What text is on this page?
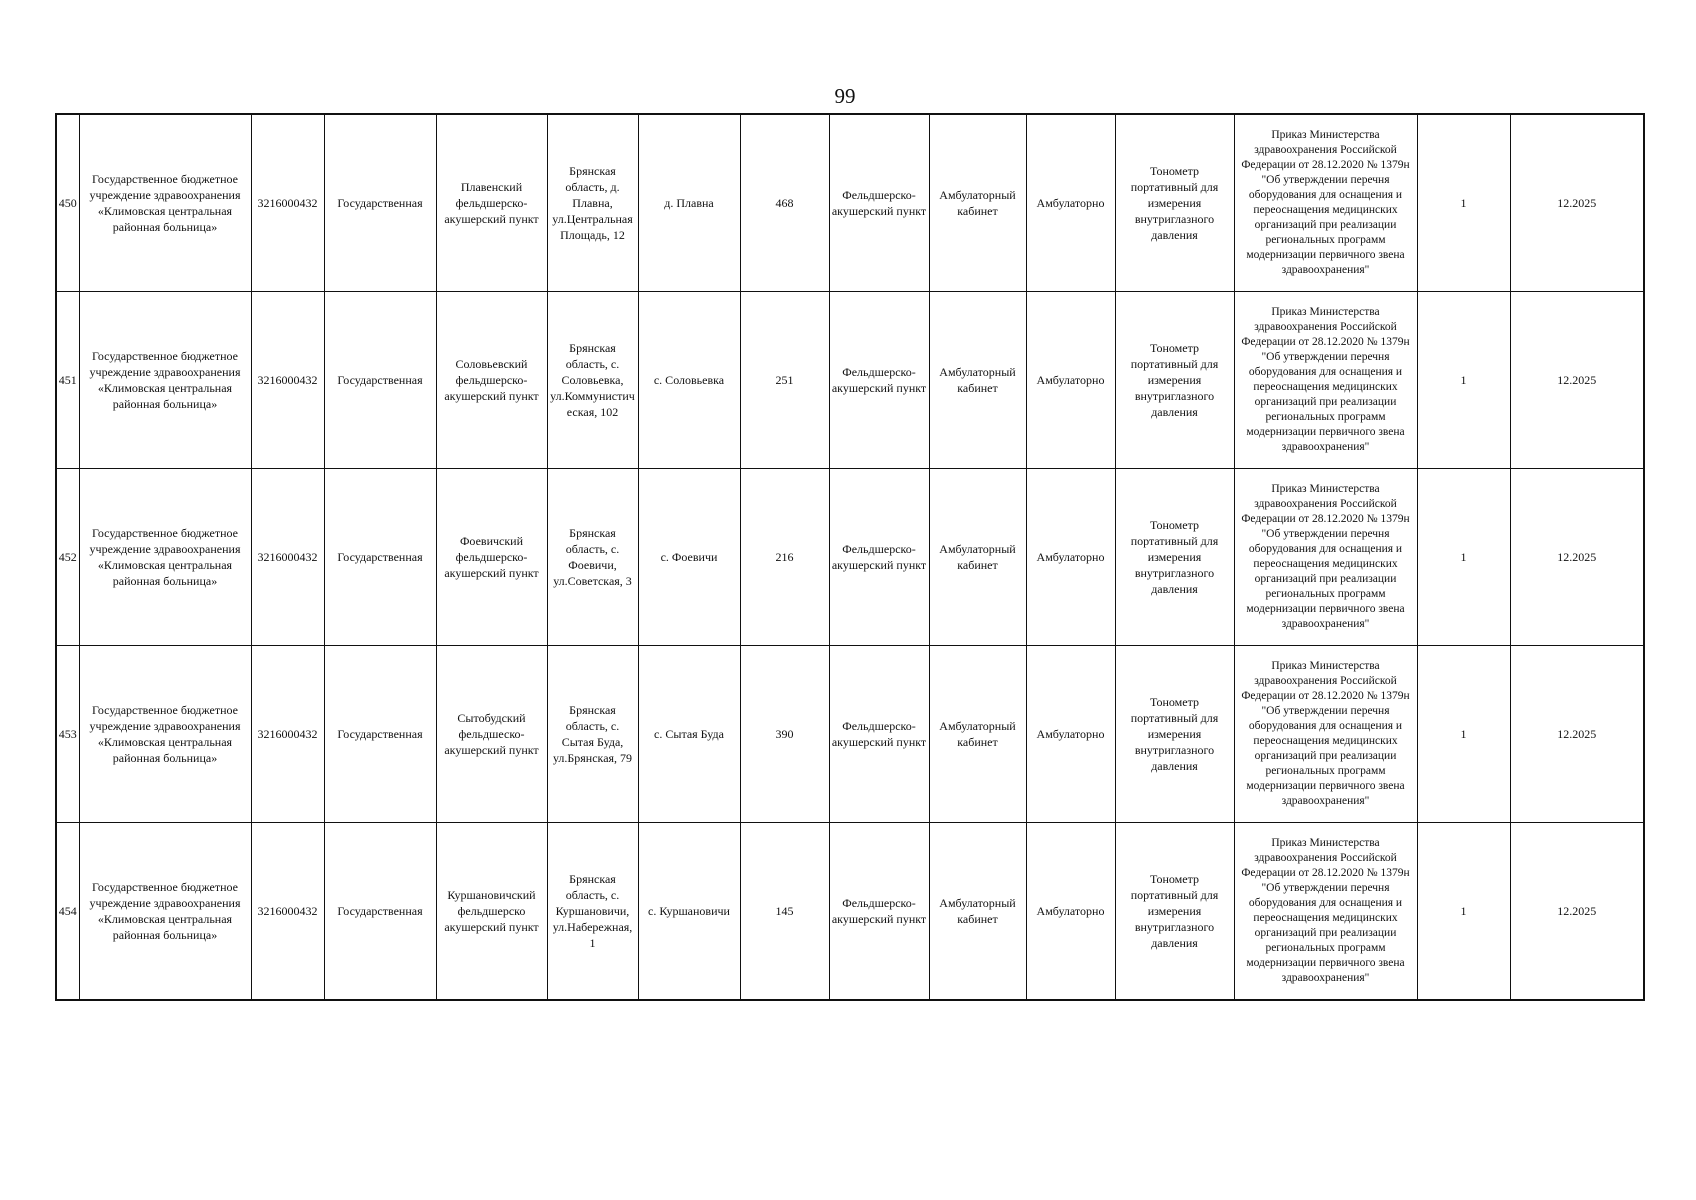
99
450	Государственное бюджетное учреждение здравоохранения «Климовская центральная районная больница»	3216000432	Государственная	Плавенский фельдшерско-акушерский пункт	Брянская область, д. Плавна, ул.Центральная Площадь, 12	д. Плавна	468	Фельдшерско-акушерский пункт	Амбулаторный кабинет	Амбулаторно	Тонометр портативный для измерения внутриглазного давления	Приказ Министерства здравоохранения Российской Федерации от 28.12.2020 № 1379н "Об утверждении перечня оборудования для оснащения и переоснащения медицинских организаций при реализации региональных программ модернизации первичного звена здравоохранения"	1	12.2025
451	Государственное бюджетное учреждение здравоохранения «Климовская центральная районная больница»	3216000432	Государственная	Соловьевский фельдшерско-акушерский пункт	Брянская область, с. Соловьевка, ул.Коммунистическая, 102	с. Соловьевка	251	Фельдшерско-акушерский пункт	Амбулаторный кабинет	Амбулаторно	Тонометр портативный для измерения внутриглазного давления	Приказ Министерства здравоохранения Российской Федерации от 28.12.2020 № 1379н "Об утверждении перечня оборудования для оснащения и переоснащения медицинских организаций при реализации региональных программ модернизации первичного звена здравоохранения"	1	12.2025
452	Государственное бюджетное учреждение здравоохранения «Климовская центральная районная больница»	3216000432	Государственная	Фоевичский фельдшерско-акушерский пункт	Брянская область, с. Фоевичи, ул.Советская, 3	с. Фоевичи	216	Фельдшерско-акушерский пункт	Амбулаторный кабинет	Амбулаторно	Тонометр портативный для измерения внутриглазного давления	Приказ Министерства здравоохранения Российской Федерации от 28.12.2020 № 1379н "Об утверждении перечня оборудования для оснащения и переоснащения медицинских организаций при реализации региональных программ модернизации первичного звена здравоохранения"	1	12.2025
453	Государственное бюджетное учреждение здравоохранения «Климовская центральная районная больница»	3216000432	Государственная	Сытобудский фельдшеско-акушерский пункт	Брянская область, с. Сытая Буда, ул.Брянская, 79	с. Сытая Буда	390	Фельдшерско-акушерский пункт	Амбулаторный кабинет	Амбулаторно	Тонометр портативный для измерения внутриглазного давления	Приказ Министерства здравоохранения Российской Федерации от 28.12.2020 № 1379н "Об утверждении перечня оборудования для оснащения и переоснащения медицинских организаций при реализации региональных программ модернизации первичного звена здравоохранения"	1	12.2025
454	Государственное бюджетное учреждение здравоохранения «Климовская центральная районная больница»	3216000432	Государственная	Куршановичский фельдшерско акушерский пункт	Брянская область, с. Куршановичи, ул.Набережная, 1	с. Куршановичи	145	Фельдшерско-акушерский пункт	Амбулаторный кабинет	Амбулаторно	Тонометр портативный для измерения внутриглазного давления	Приказ Министерства здравоохранения Российской Федерации от 28.12.2020 № 1379н "Об утверждении перечня оборудования для оснащения и переоснащения медицинских организаций при реализации региональных программ модернизации первичного звена здравоохранения"	1	12.2025
